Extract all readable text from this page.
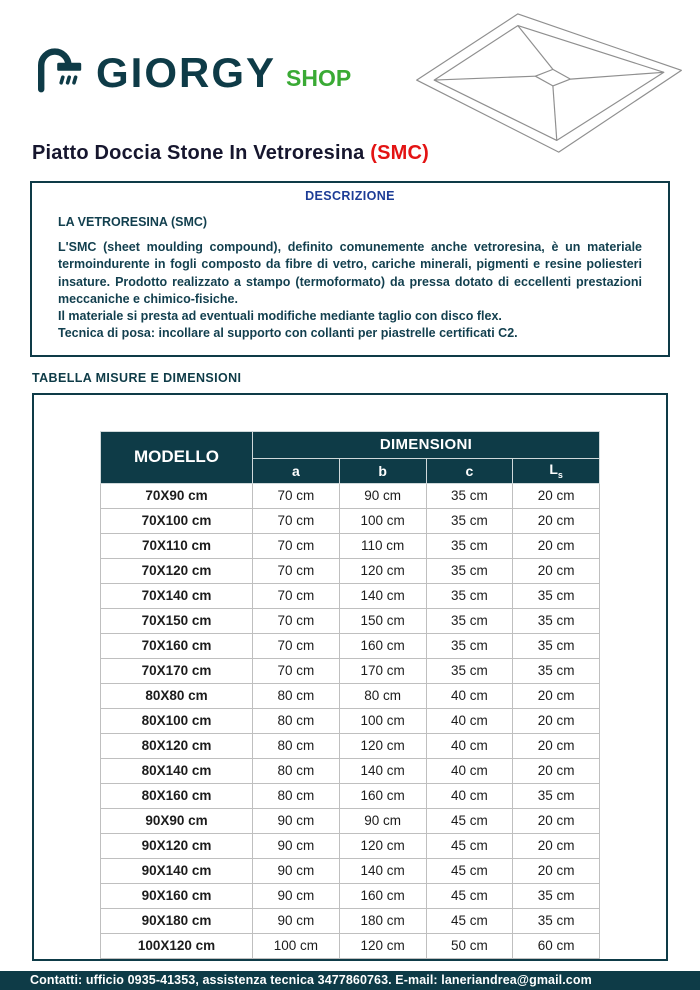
GIORGY SHOP
Piatto Doccia Stone In Vetroresina (SMC)
DESCRIZIONE
LA VETRORESINA (SMC)

L'SMC (sheet moulding compound), definito comunemente anche vetroresina, è un materiale termoindurente in fogli composto da fibre di vetro, cariche minerali, pigmenti e resine poliesteri insature. Prodotto realizzato a stampo (termoformato) da pressa dotato di eccellenti prestazioni meccaniche e chimico-fisiche.

Il materiale si presta ad eventuali modifiche mediante taglio con disco flex.

Tecnica di posa: incollare al supporto con collanti per piastrelle certificati C2.

TABELLA MISURE E DIMENSIONI
MODELLO	DIMENSIONI			
	a	b	c	$L_s$
70X90 cm	70 cm	90 cm	35 cm	20 cm
70X100 cm	70 cm	100 cm	35 cm	20 cm
70X110 cm	70 cm	110 cm	35 cm	20 cm
70X120 cm	70 cm	120 cm	35 cm	20 cm
70X140 cm	70 cm	140 cm	35 cm	35 cm
70X150 cm	70 cm	150 cm	35 cm	35 cm
70X160 cm	70 cm	160 cm	35 cm	35 cm
70X170 cm	70 cm	170 cm	35 cm	35 cm
80X80 cm	80 cm	80 cm	40 cm	20 cm
80X100 cm	80 cm	100 cm	40 cm	20 cm
80X120 cm	80 cm	120 cm	40 cm	20 cm
80X140 cm	80 cm	140 cm	40 cm	20 cm
80X160 cm	80 cm	160 cm	40 cm	35 cm
90X90 cm	90 cm	90 cm	45 cm	20 cm
90X120 cm	90 cm	120 cm	45 cm	20 cm
90X140 cm	90 cm	140 cm	45 cm	20 cm
90X160 cm	90 cm	160 cm	45 cm	35 cm
90X180 cm	90 cm	180 cm	45 cm	35 cm
100X120 cm	100 cm	120 cm	50 cm	60 cm
Contatti: ufficio 0935-41353, assistenza tecnica 3477860763. E-mail: laneriandrea@gmail.com
